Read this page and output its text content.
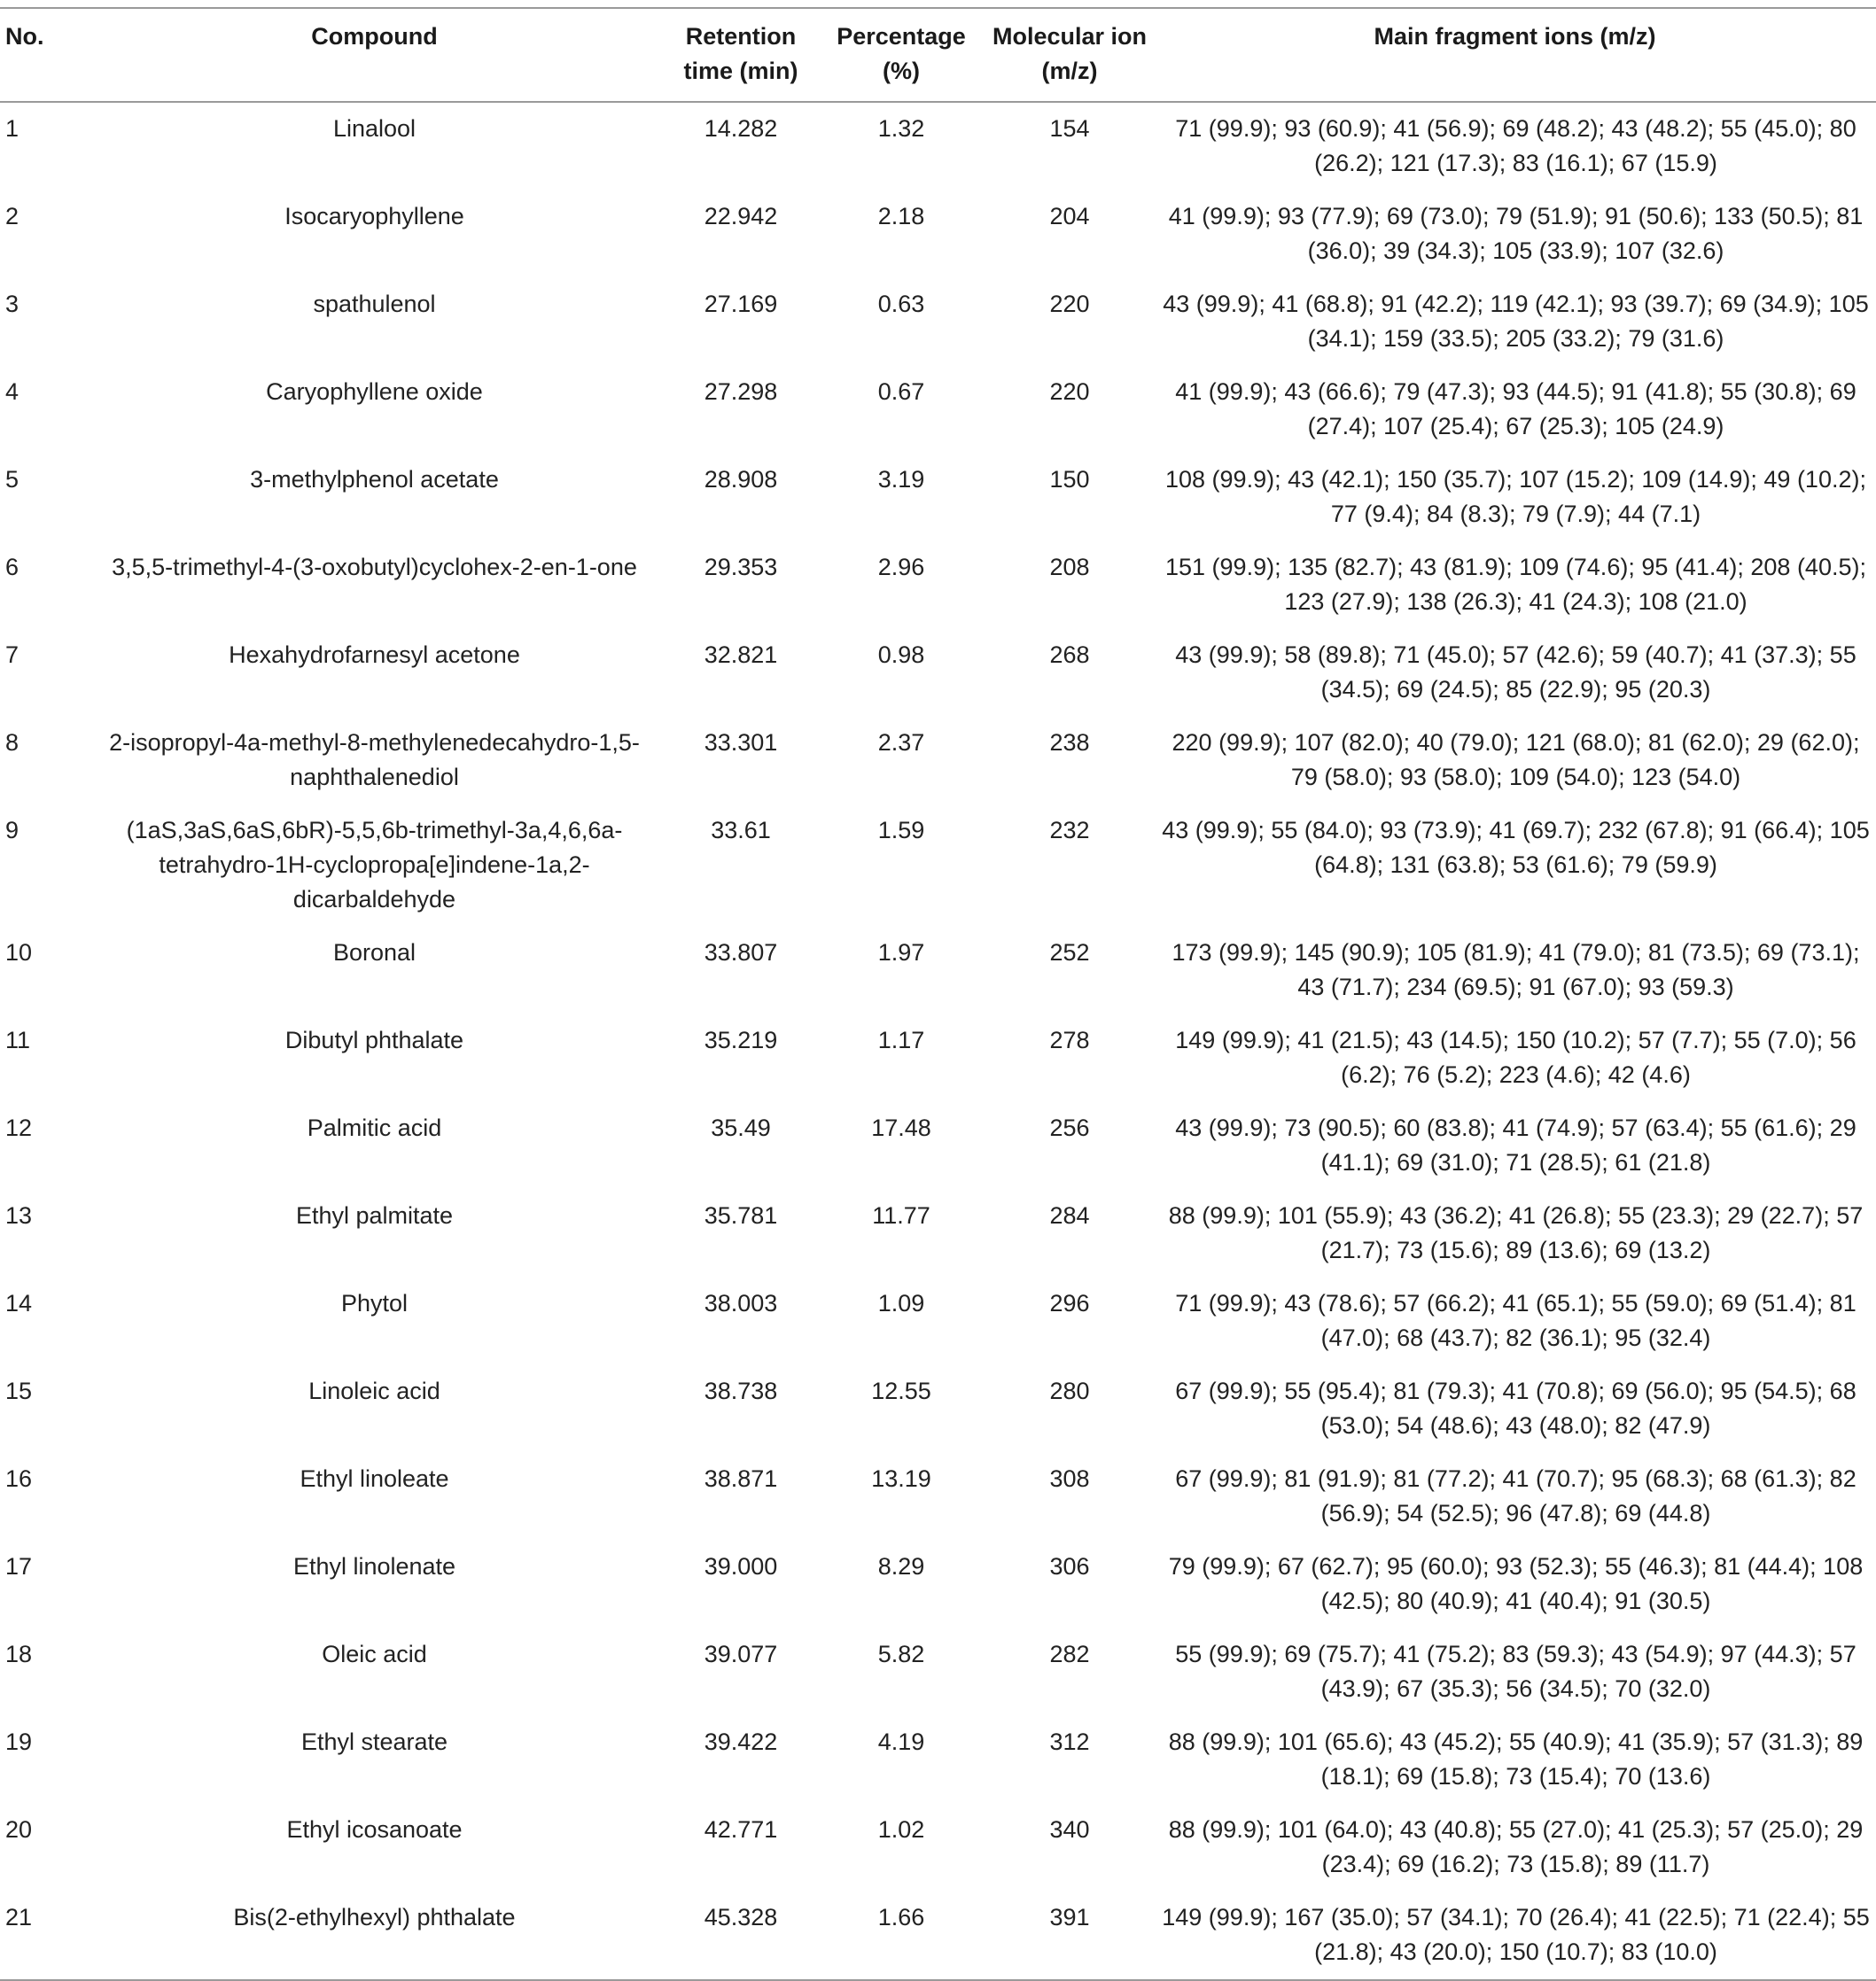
No.	Compound	Retention time (min)	Percentage (%)	Molecular ion (m/z)	Main fragment ions (m/z)
1	Linalool	14.282	1.32	154	71 (99.9); 93 (60.9); 41 (56.9); 69 (48.2); 43 (48.2); 55 (45.0); 80 (26.2); 121 (17.3); 83 (16.1); 67 (15.9)
2	Isocaryophyllene	22.942	2.18	204	41 (99.9); 93 (77.9); 69 (73.0); 79 (51.9); 91 (50.6); 133 (50.5); 81 (36.0); 39 (34.3); 105 (33.9); 107 (32.6)
3	spathulenol	27.169	0.63	220	43 (99.9); 41 (68.8); 91 (42.2); 119 (42.1); 93 (39.7); 69 (34.9); 105 (34.1); 159 (33.5); 205 (33.2); 79 (31.6)
4	Caryophyllene oxide	27.298	0.67	220	41 (99.9); 43 (66.6); 79 (47.3); 93 (44.5); 91 (41.8); 55 (30.8); 69 (27.4); 107 (25.4); 67 (25.3); 105 (24.9)
5	3-methylphenol acetate	28.908	3.19	150	108 (99.9); 43 (42.1); 150 (35.7); 107 (15.2); 109 (14.9); 49 (10.2); 77 (9.4); 84 (8.3); 79 (7.9); 44 (7.1)
6	3,5,5-trimethyl-4-(3-oxobutyl)cyclohex-2-en-1-one	29.353	2.96	208	151 (99.9); 135 (82.7); 43 (81.9); 109 (74.6); 95 (41.4); 208 (40.5); 123 (27.9); 138 (26.3); 41 (24.3); 108 (21.0)
7	Hexahydrofarnesyl acetone	32.821	0.98	268	43 (99.9); 58 (89.8); 71 (45.0); 57 (42.6); 59 (40.7); 41 (37.3); 55 (34.5); 69 (24.5); 85 (22.9); 95 (20.3)
8	2-isopropyl-4a-methyl-8-methylenedecahydro-1,5-naphthalenediol	33.301	2.37	238	220 (99.9); 107 (82.0); 40 (79.0); 121 (68.0); 81 (62.0); 29 (62.0); 79 (58.0); 93 (58.0); 109 (54.0); 123 (54.0)
9	(1aS,3aS,6aS,6bR)-5,5,6b-trimethyl-3a,4,6,6a-tetrahydro-1H-cyclopropa[e]indene-1a,2-dicarbaldehyde	33.61	1.59	232	43 (99.9); 55 (84.0); 93 (73.9); 41 (69.7); 232 (67.8); 91 (66.4); 105 (64.8); 131 (63.8); 53 (61.6); 79 (59.9)
10	Boronal	33.807	1.97	252	173 (99.9); 145 (90.9); 105 (81.9); 41 (79.0); 81 (73.5); 69 (73.1); 43 (71.7); 234 (69.5); 91 (67.0); 93 (59.3)
11	Dibutyl phthalate	35.219	1.17	278	149 (99.9); 41 (21.5); 43 (14.5); 150 (10.2); 57 (7.7); 55 (7.0); 56 (6.2); 76 (5.2); 223 (4.6); 42 (4.6)
12	Palmitic acid	35.49	17.48	256	43 (99.9); 73 (90.5); 60 (83.8); 41 (74.9); 57 (63.4); 55 (61.6); 29 (41.1); 69 (31.0); 71 (28.5); 61 (21.8)
13	Ethyl palmitate	35.781	11.77	284	88 (99.9); 101 (55.9); 43 (36.2); 41 (26.8); 55 (23.3); 29 (22.7); 57 (21.7); 73 (15.6); 89 (13.6); 69 (13.2)
14	Phytol	38.003	1.09	296	71 (99.9); 43 (78.6); 57 (66.2); 41 (65.1); 55 (59.0); 69 (51.4); 81 (47.0); 68 (43.7); 82 (36.1); 95 (32.4)
15	Linoleic acid	38.738	12.55	280	67 (99.9); 55 (95.4); 81 (79.3); 41 (70.8); 69 (56.0); 95 (54.5); 68 (53.0); 54 (48.6); 43 (48.0); 82 (47.9)
16	Ethyl linoleate	38.871	13.19	308	67 (99.9); 81 (91.9); 81 (77.2); 41 (70.7); 95 (68.3); 68 (61.3); 82 (56.9); 54 (52.5); 96 (47.8); 69 (44.8)
17	Ethyl linolenate	39.000	8.29	306	79 (99.9); 67 (62.7); 95 (60.0); 93 (52.3); 55 (46.3); 81 (44.4); 108 (42.5); 80 (40.9); 41 (40.4); 91 (30.5)
18	Oleic acid	39.077	5.82	282	55 (99.9); 69 (75.7); 41 (75.2); 83 (59.3); 43 (54.9); 97 (44.3); 57 (43.9); 67 (35.3); 56 (34.5); 70 (32.0)
19	Ethyl stearate	39.422	4.19	312	88 (99.9); 101 (65.6); 43 (45.2); 55 (40.9); 41 (35.9); 57 (31.3); 89 (18.1); 69 (15.8); 73 (15.4); 70 (13.6)
20	Ethyl icosanoate	42.771	1.02	340	88 (99.9); 101 (64.0); 43 (40.8); 55 (27.0); 41 (25.3); 57 (25.0); 29 (23.4); 69 (16.2); 73 (15.8); 89 (11.7)
21	Bis(2-ethylhexyl) phthalate	45.328	1.66	391	149 (99.9); 167 (35.0); 57 (34.1); 70 (26.4); 41 (22.5); 71 (22.4); 55 (21.8); 43 (20.0); 150 (10.7); 83 (10.0)
